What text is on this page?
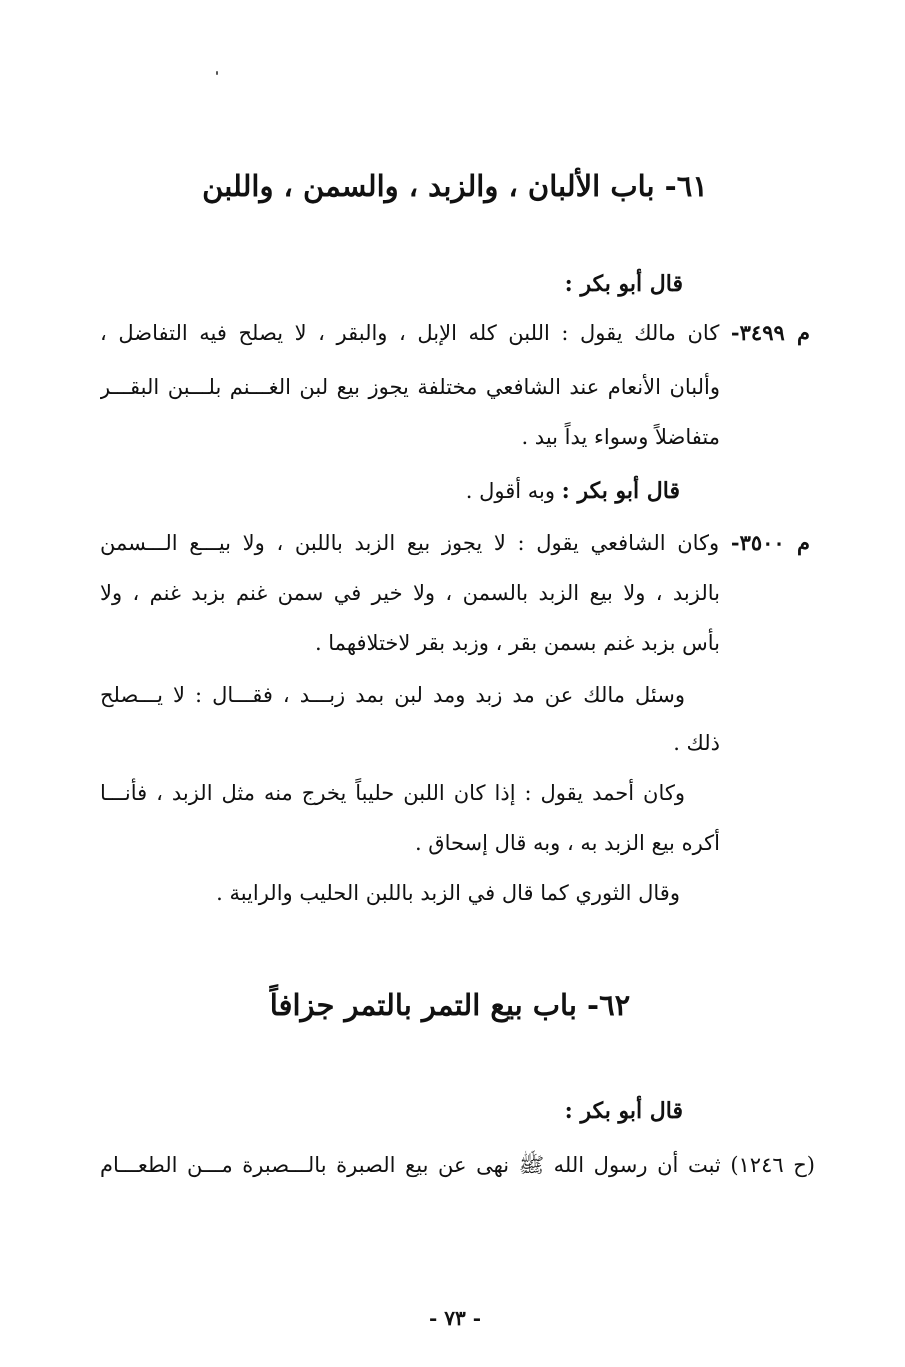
٦١- باب الألبان ، والزبد ، والسمن ، واللبن
قال أبو بكر :
م ٣٤٩٩- كان مالك يقول : اللبن كله الإبل ، والبقر ، لا يصلح فيه التفاضل ،
وألبان الأنعام عند الشافعي مختلفة يجوز بيع لبن الغـــنم بلـــبن البقـــر
متفاضلاً وسواء يداً بيد .
قال أبو بكر : وبه أقول .
م ٣٥٠٠- وكان الشافعي يقول : لا يجوز بيع الزبد باللبن ، ولا بيـــع الـــسمن
بالزبد ، ولا بيع الزبد بالسمن ، ولا خير في سمن غنم بزبد غنم ، ولا
بأس بزبد غنم بسمن بقر ، وزبد بقر لاختلافهما .
وسئل مالك عن مد زبد ومد لبن بمد زبـــد ، فقـــال : لا يـــصلح
ذلك .
وكان أحمد يقول : إذا كان اللبن حليباً يخرج منه مثل الزبد ، فأنـــا
أكره بيع الزبد به ، وبه قال إسحاق .
وقال الثوري كما قال في الزبد باللبن الحليب والرايبة .
٦٢- باب بيع التمر بالتمر جزافاً
قال أبو بكر :
(ح ١٢٤٦) ثبت أن رسول الله ﷺ نهى عن بيع الصبرة بالـــصبرة مـــن الطعـــام
- ٧٣ -
